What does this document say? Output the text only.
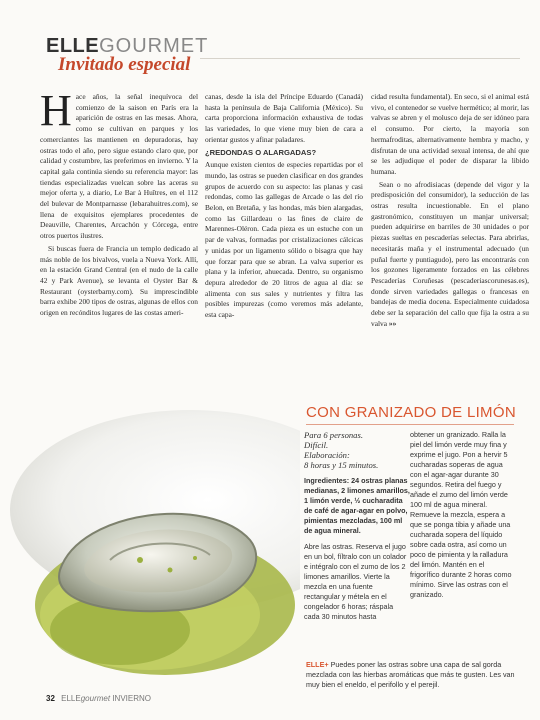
ELLEGOURMET
Invitado especial

Hace años, la señal inequívoca del comienzo de la saison en París era la aparición de ostras en las mesas. Ahora, como se cultivan en parques y los comerciantes las mantienen en depuradoras, hay ostras todo el año, pero sigue estando claro que, por calidad y costumbre, las preferimos en invierno. Y la capital gala continúa siendo su referencia mayor: las tiendas especializadas vuelcan sobre las aceras su mejor oferta y, a diario, Le Bar à Huîtres, en el 112 del bulevar de Montparnasse (lebarahuitres.com), se llena de exquisitos ejemplares procedentes de Deauville, Charentes, Arcachón y Córcega, entre otros puertos ilustres.

Si buscas fuera de Francia un templo dedicado al más noble de los bivalvos, vuela a Nueva York. Allí, en la estación Grand Central (en el nudo de la calle 42 y Park Avenue), se levanta el Oyster Bar & Restaurant (oysterbarny.com). Su imprescindible barra exhibe 200 tipos de ostras, algunas de ellos con origen en recónditos lugares de las costas ameri-

canas, desde la isla del Príncipe Eduardo (Canadá) hasta la península de Baja California (México). Su carta proporciona información exhaustiva de todas las variedades, lo que viene muy bien de cara a orientar gustos y afinar paladares.

¿REDONDAS O ALARGADAS?

Aunque existen cientos de especies repartidas por el mundo, las ostras se pueden clasificar en dos grandes grupos de acuerdo con su aspecto: las planas y casi redondas, como las gallegas de Arcade o las del río Belon, en Bretaña, y las hondas, más bien alargadas, como las Gillardeau o las fines de claire de Marennes-Oléron. Cada pieza es un estuche con un par de valvas, formadas por cristalizaciones cálcicas y unidas por un ligamento sólido o bisagra que hay que forzar para que se abran. La valva superior es plana y la inferior, ahuecada. Dentro, su organismo depura alrededor de 20 litros de agua al día: se alimenta con sus sales y nutrientes y filtra las posibles impurezas (como veremos más adelante, esta capa-

cidad resulta fundamental). En seco, si el animal está vivo, el contenedor se vuelve hermético; al morir, las valvas se abren y el molusco deja de ser idóneo para el consumo. Por cierto, la mayoría son hermafroditas, alternativamente hembra y macho, y disfrutan de una actividad sexual intensa, de ahí que se les adjudique el poder de disparar la libido humana.

Sean o no afrodisiacas (depende del vigor y la predisposición del consumidor), la seducción de las ostras resulta incuestionable. En el plano gastronómico, constituyen un manjar universal; pueden adquirirse en barriles de 30 unidades o por piezas sueltas en pescaderías selectas. Para abrirlas, necesitarás maña y el instrumental adecuado (un puñal fuerte y puntiagudo), pero las encontrarás con los gozones ligeramente forzados en las célebres Pescaderías Coruñesas (pescaderiascorunesas.es), donde sirven variedades gallegas o francesas en bandejas de media docena. Especialmente cuidadosa debe ser la separación del callo que fija la ostra a su valva »»

CON GRANIZADO DE LIMÓN

Para 6 personas.
Difícil.
Elaboración:
8 horas y 15 minutos.

Ingredientes: 24 ostras planas medianas, 2 limones amarillos, 1 limón verde, ½ cucharadita de café de agar-agar en polvo, pimientas mezcladas, 100 ml de agua mineral.

Abre las ostras. Reserva el jugo en un bol, fíltralo con un colador e intégralo con el zumo de los 2 limones amarillos. Vierte la mezcla en una fuente rectangular y métela en el congelador 6 horas; ráspala cada 30 minutos hasta

obtener un granizado. Ralla la piel del limón verde muy fina y exprime el jugo. Pon a hervir 5 cucharadas soperas de agua con el agar-agar durante 30 segundos. Retira del fuego y añade el zumo del limón verde 100 ml de agua mineral. Remueve la mezcla, espera a que se ponga tibia y añade una cucharada sopera del líquido sobre cada ostra, así como un poco de pimienta y la ralladura del limón. Mantén en el frigorífico durante 2 horas como mínimo. Sirve las ostras con el granizado.

ELLE+ Puedes poner las ostras sobre una capa de sal gorda mezclada con las hierbas aromáticas que más te gusten. Les van muy bien el eneldo, el perifollo y el perejil.
32 ELLEgourmet INVIERNO
